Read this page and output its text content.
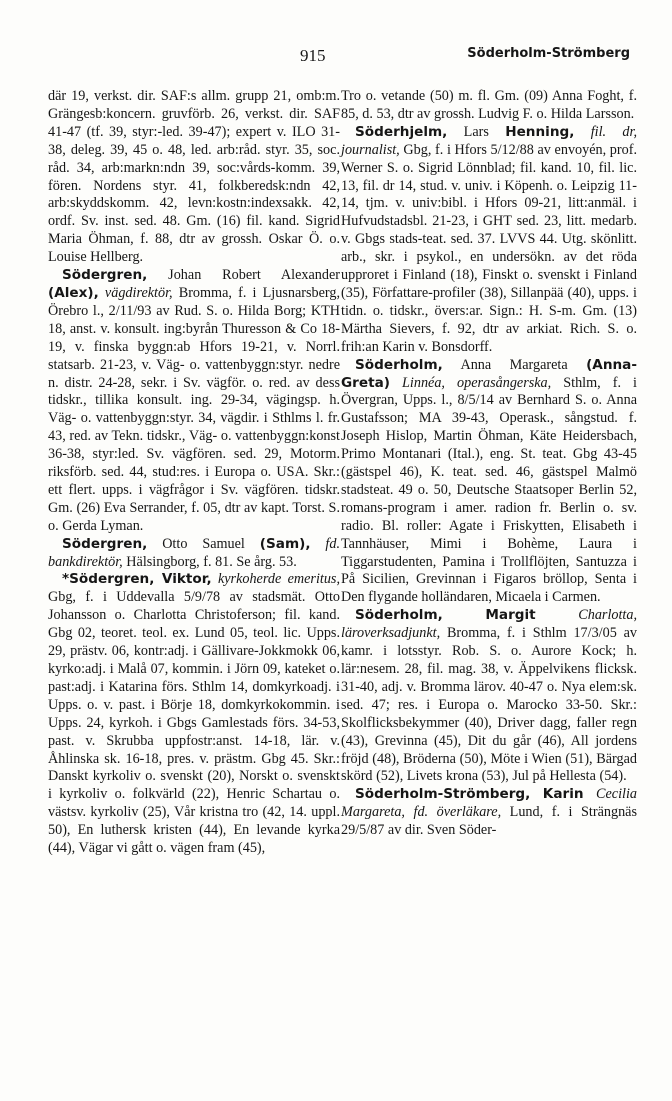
915	Söderholm-Strömberg

där 19, verkst. dir. SAF:s allm. grupp 21, omb:m. Grängesb:koncern. gruvförb. 26, verkst. dir. SAF 41-47 (tf. 39, styr:-led. 39-47); expert v. ILO 31-38, deleg. 39, 45 o. 48, led. arb:råd. styr. 35, soc. råd. 34, arb:markn:ndn 39, soc:vårds-komm. 39, fören. Nordens styr. 41, folkberedsk:ndn 42, arb:skyddskomm. 42, levn:kostn:indexsakk. 42, ordf. Sv. inst. sed. 48. Gm. (16) fil. kand. Sigrid Maria Öhman, f. 88, dtr av grossh. Oskar Ö. o. Louise Hellberg.

Södergren, Johan Robert Alexander (Alex), vägdirektör, Bromma, f. i Ljusnarsberg, Örebro l., 2/11/93 av Rud. S. o. Hilda Borg; KTH 18, anst. v. konsult. ing:byrån Thuresson & Co 18-19, v. finska byggn:ab Hfors 19-21, v. Norrl. statsarb. 21-23, v. Väg- o. vattenbyggn:styr. nedre n. distr. 24-28, sekr. i Sv. vägför. o. red. av dess tidskr., tillika konsult. ing. 29-34, vägingsp. h. Väg- o. vattenbyggn:styr. 34, vägdir. i Sthlms l. fr. 43, red. av Tekn. tidskr., Väg- o. vattenbyggn:konst 36-38, styr:led. Sv. vägfören. sed. 29, Motorm. riksförb. sed. 44, stud:res. i Europa o. USA. Skr.: ett flert. upps. i vägfrågor i Sv. vägfören. tidskr. Gm. (26) Eva Serrander, f. 05, dtr av kapt. Torst. S. o. Gerda Lyman.

Södergren, Otto Samuel (Sam), fd. bankdirektör, Hälsingborg, f. 81. Se årg. 53.

*Södergren, Viktor, kyrkoherde emeritus, Gbg, f. i Uddevalla 5/9/78 av stadsmät. Otto Johansson o. Charlotta Christoferson; fil. kand. Gbg 02, teoret. teol. ex. Lund 05, teol. lic. Upps. 29, prästv. 06, kontr:adj. i Gällivare-Jokkmokk 06, kyrko:adj. i Malå 07, kommin. i Jörn 09, kateket o. past:adj. i Katarina förs. Sthlm 14, domkyrkoadj. i Upps. o. v. past. i Börje 18, domkyrkokommin. i Upps. 24, kyrkoh. i Gbgs Gamlestads förs. 34-53, past. v. Skrubba uppfostr:anst. 14-18, lär. v. Åhlinska sk. 16-18, pres. v. prästm. Gbg 45. Skr.: Danskt kyrkoliv o. svenskt (20), Norskt o. svenskt i kyrkoliv o. folkvärld (22), Henric Schartau o. västsv. kyrkoliv (25), Vår kristna tro (42, 14. uppl. 50), En luthersk kristen (44), En levande kyrka (44), Vägar vi gått o. vägen fram (45),

Tro o. vetande (50) m. fl. Gm. (09) Anna Foght, f. 85, d. 53, dtr av grossh. Ludvig F. o. Hilda Larsson.

Söderhjelm, Lars Henning, fil. dr, journalist, Gbg, f. i Hfors 5/12/88 av envoyén, prof. Werner S. o. Sigrid Lönnblad; fil. kand. 10, fil. lic. 13, fil. dr 14, stud. v. univ. i Köpenh. o. Leipzig 11-14, tjm. v. univ:bibl. i Hfors 09-21, litt:anmäl. i Hufvudstadsbl. 21-23, i GHT sed. 23, litt. medarb. v. Gbgs stads-teat. sed. 37. LVVS 44. Utg. skönlitt. arb., skr. i psykol., en undersökn. av det röda upproret i Finland (18), Finskt o. svenskt i Finland (35), Författare-profiler (38), Sillanpää (40), upps. i tidn. o. tidskr., övers:ar. Sign.: H. S-m. Gm. (13) Märtha Sievers, f. 92, dtr av arkiat. Rich. S. o. frih:an Karin v. Bonsdorff.

Söderholm, Anna Margareta (Anna-Greta) Linnéa, operasångerska, Sthlm, f. i Övergran, Upps. l., 8/5/14 av Bernhard S. o. Anna Gustafsson; MA 39-43, Operask., sångstud. f. Joseph Hislop, Martin Öhman, Käte Heidersbach, Primo Montanari (Ital.), eng. St. teat. Gbg 43-45 (gästspel 46), K. teat. sed. 46, gästspel Malmö stadsteat. 49 o. 50, Deutsche Staatsoper Berlin 52, romans-program i amer. radion fr. Berlin o. sv. radio. Bl. roller: Agate i Friskytten, Elisabeth i Tannhäuser, Mimi i Bohème, Laura i Tiggarstudenten, Pamina i Trollflöjten, Santuzza i På Sicilien, Grevinnan i Figaros bröllop, Senta i Den flygande holländaren, Micaela i Carmen.

Söderholm,	Margit Charlotta, läroverksadjunkt, Bromma, f. i Sthlm 17/3/05 av kamr. i lotsstyr. Rob. S. o. Aurore Kock; h. lär:nesem. 28, fil. mag. 38, v. Äppelvikens flicksk. 31-40, adj. v. Bromma lärov. 40-47 o. Nya elem:sk. sed. 47; res. i Europa o. Marocko 33-50. Skr.: Skolflicksbekymmer (40), Driver dagg, faller regn (43), Grevinna (45), Dit du går (46), All jordens fröjd (48), Bröderna (50), Möte i Wien (51), Bärgad skörd (52), Livets krona (53), Jul på Hellesta (54).

Söderholm-Strömberg, Karin Cecilia Margareta, fd. överläkare, Lund, f. i Strängnäs 29/5/87 av dir. Sven Söder-
